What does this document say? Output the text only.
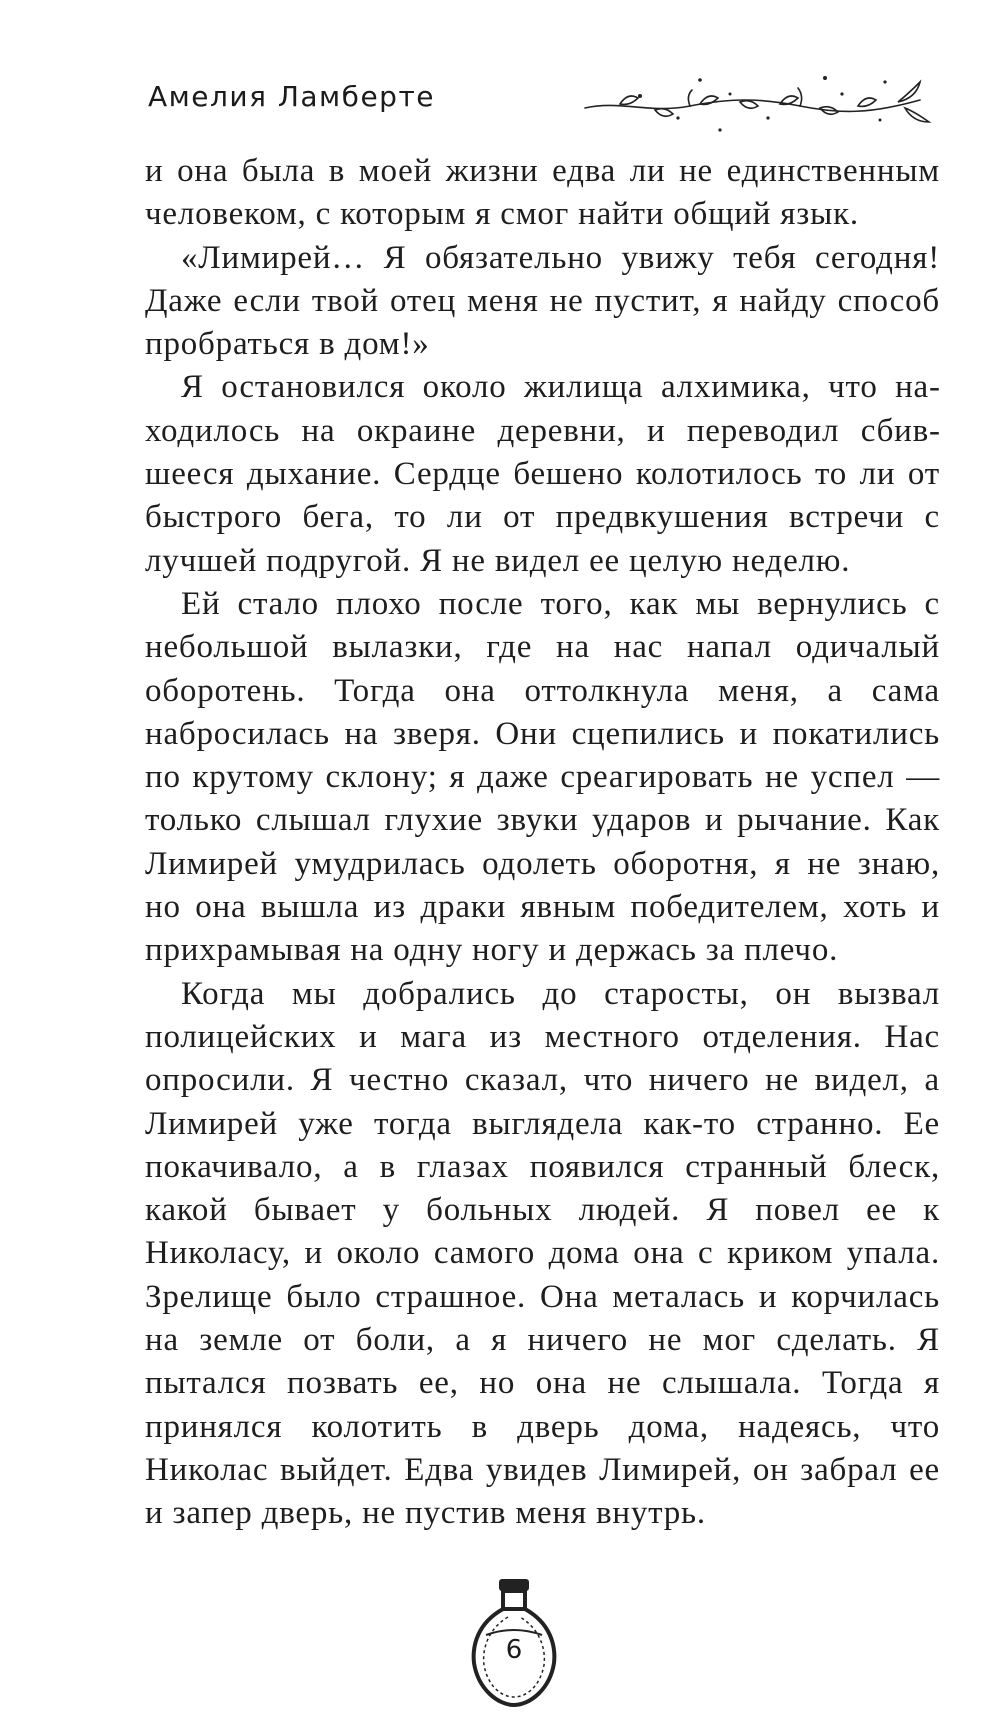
Амелия Ламберте

и она была в моей жизни едва ли не единственным человеком, с которым я смог найти общий язык.

«Лимирей… Я обязательно увижу тебя сегодня! Даже если твой отец меня не пустит, я найду способ пробраться в дом!»

Я остановился около жилища алхимика, что находилось на окраине деревни, и переводил сбившееся дыхание. Сердце бешено колотилось то ли от быстрого бега, то ли от предвкушения встречи с лучшей подругой. Я не видел ее целую неделю.

Ей стало плохо после того, как мы вернулись с небольшой вылазки, где на нас напал одичалый оборотень. Тогда она оттолкнула меня, а сама набросилась на зверя. Они сцепились и покатились по крутому склону; я даже среагировать не успел — только слышал глухие звуки ударов и рычание. Как Лимирей умудрилась одолеть оборотня, я не знаю, но она вышла из драки явным победителем, хоть и прихрамывая на одну ногу и держась за плечо.

Когда мы добрались до старосты, он вызвал полицейских и мага из местного отделения. Нас опросили. Я честно сказал, что ничего не видел, а Лимирей уже тогда выглядела как-то странно. Ее покачивало, а в глазах появился странный блеск, какой бывает у больных людей. Я повел ее к Николасу, и около самого дома она с криком упала. Зрелище было страшное. Она металась и корчилась на земле от боли, а я ничего не мог сделать. Я пытался позвать ее, но она не слышала. Тогда я принялся колотить в дверь дома, надеясь, что Николас выйдет. Едва увидев Лимирей, он забрал ее и запер дверь, не пустив меня внутрь.

6
